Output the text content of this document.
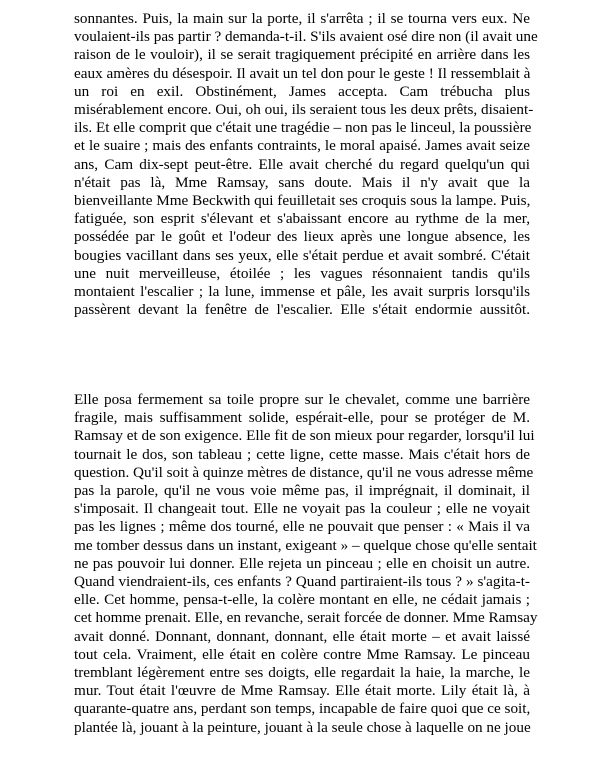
sonnantes. Puis, la main sur la porte, il s'arrêta ; il se tourna vers eux. Ne
voulaient-ils pas partir ? demanda-t-il. S'ils avaient osé dire non (il avait une
raison de le vouloir), il se serait tragiquement précipité en arrière dans les
eaux amères du désespoir. Il avait un tel don pour le geste ! Il ressemblait à
un roi en exil. Obstinément, James accepta. Cam trébucha plus
misérablement encore. Oui, oh oui, ils seraient tous les deux prêts, disaient-
ils. Et elle comprit que c'était une tragédie – non pas le linceul, la poussière
et le suaire ; mais des enfants contraints, le moral apaisé. James avait seize
ans, Cam dix-sept peut-être. Elle avait cherché du regard quelqu'un qui
n'était pas là, Mme Ramsay, sans doute. Mais il n'y avait que la
bienveillante Mme Beckwith qui feuilletait ses croquis sous la lampe. Puis,
fatiguée, son esprit s'élevant et s'abaissant encore au rythme de la mer,
possédée par le goût et l'odeur des lieux après une longue absence, les
bougies vacillant dans ses yeux, elle s'était perdue et avait sombré. C'était
une nuit merveilleuse, étoilée ; les vagues résonnaient tandis qu'ils
montaient l'escalier ; la lune, immense et pâle, les avait surpris lorsqu'ils
passèrent devant la fenêtre de l'escalier. Elle s'était endormie aussitôt.
Elle posa fermement sa toile propre sur le chevalet, comme une barrière
fragile, mais suffisamment solide, espérait-elle, pour se protéger de M.
Ramsay et de son exigence. Elle fit de son mieux pour regarder, lorsqu'il lui
tournait le dos, son tableau ; cette ligne, cette masse. Mais c'était hors de
question. Qu'il soit à quinze mètres de distance, qu'il ne vous adresse même
pas la parole, qu'il ne vous voie même pas, il imprégnait, il dominait, il
s'imposait. Il changeait tout. Elle ne voyait pas la couleur ; elle ne voyait
pas les lignes ; même dos tourné, elle ne pouvait que penser : « Mais il va
me tomber dessus dans un instant, exigeant » – quelque chose qu'elle sentait
ne pas pouvoir lui donner. Elle rejeta un pinceau ; elle en choisit un autre.
Quand viendraient-ils, ces enfants ? Quand partiraient-ils tous ? » s'agita-t-
elle. Cet homme, pensa-t-elle, la colère montant en elle, ne cédait jamais ;
cet homme prenait. Elle, en revanche, serait forcée de donner. Mme Ramsay
avait donné. Donnant, donnant, donnant, elle était morte – et avait laissé
tout cela. Vraiment, elle était en colère contre Mme Ramsay. Le pinceau
tremblant légèrement entre ses doigts, elle regardait la haie, la marche, le
mur. Tout était l'œuvre de Mme Ramsay. Elle était morte. Lily était là, à
quarante-quatre ans, perdant son temps, incapable de faire quoi que ce soit,
plantée là, jouant à la peinture, jouant à la seule chose à laquelle on ne joue
